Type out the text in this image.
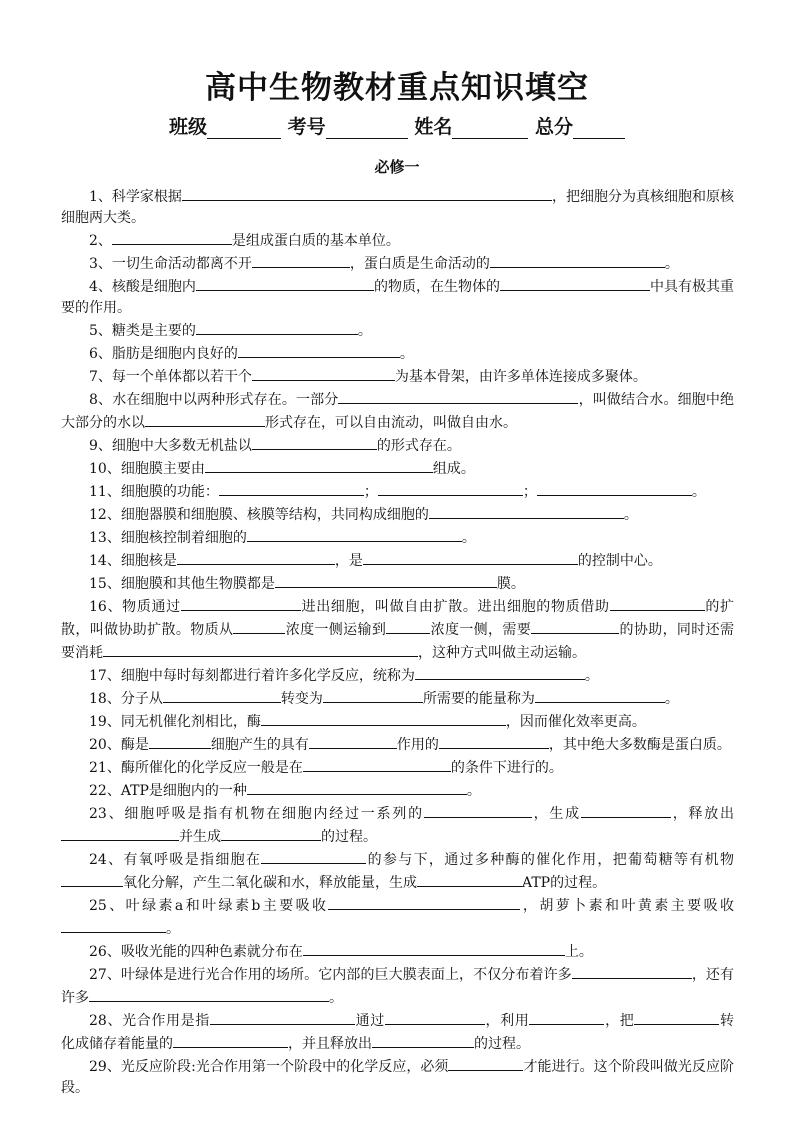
高中生物教材重点知识填空
班级	考号	姓名	总分
必修一

1、科学家根据	，把细胞分为真核细胞和原核细胞两大类。

2、	是组成蛋白质的基本单位。

3、一切生命活动都离不开	，蛋白质是生命活动的	。

4、核酸是细胞内	的物质，在生物体的	中具有极其重要的作用。

5、糖类是主要的	。

6、脂肪是细胞内良好的	。

7、每一个单体都以若干个	为基本骨架，由许多单体连接成多聚体。

8、水在细胞中以两种形式存在。一部分	，叫做结合水。细胞中绝大部分的水以	形式存在，可以自由流动，叫做自由水。

9、细胞中大多数无机盐以	的形式存在。

10、细胞膜主要由	组成。

11、细胞膜的功能：	；	；	。

12、细胞器膜和细胞膜、核膜等结构，共同构成细胞的	。

13、细胞核控制着细胞的	。

14、细胞核是	，是	的控制中心。

15、细胞膜和其他生物膜都是	膜。

16、物质通过	进出细胞，叫做自由扩散。进出细胞的物质借助	的扩散，叫做协助扩散。物质从	浓度一侧运输到	浓度一侧，需要	的协助，同时还需要消耗	，这种方式叫做主动运输。

17、细胞中每时每刻都进行着许多化学反应，统称为	。

18、分子从	转变为	所需要的能量称为	。

19、同无机催化剂相比，酶	，因而催化效率更高。

20、酶是	细胞产生的具有	作用的	，其中绝大多数酶是蛋白质。

21、酶所催化的化学反应一般是在	的条件下进行的。

22、ATP是细胞内的一种	。

23、细胞呼吸是指有机物在细胞内经过一系列的	，生成	，释放出并生成	的过程。

24、有氧呼吸是指细胞在	的参与下，通过多种酶的催化作用，把葡萄糖等有机物氧化分解，产生二氧化碳和水，释放能量，生成	ATP的过程。

25、叶绿素a和叶绿素b主要吸收	，胡萝卜素和叶黄素主要吸收。

26、吸收光能的四种色素就分布在	上。

27、叶绿体是进行光合作用的场所。它内部的巨大膜表面上，不仅分布着许多	，还有许多	。

28、光合作用是指	通过	，利用	，把	转化成储存着能量的	，并且释放出	的过程。

29、光反应阶段:光合作用第一个阶段中的化学反应，必须	才能进行。这个阶段叫做光反应阶段。
